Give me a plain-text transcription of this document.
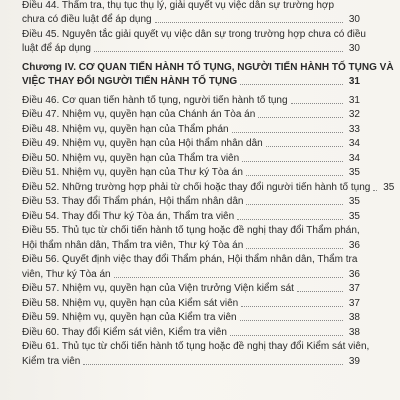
Điều 44. Thẩm tra, thụ tục thụ lý, giải quyết vụ việc dân sự trường hợp
chưa có điều luật để áp dụng	30
Điều 45. Nguyên tắc giải quyết vụ việc dân sự trong trường hợp chưa có điều
luật để áp dụng	30
Chương IV. CƠ QUAN TIẾN HÀNH TỐ TỤNG, NGƯỜI TIẾN HÀNH TỐ TỤNG VÀ
VIỆC THAY ĐỔI NGƯỜI TIẾN HÀNH TỐ TỤNG	31
Điều 46. Cơ quan tiến hành tố tụng, người tiến hành tố tụng	31
Điều 47. Nhiệm vụ, quyền hạn của Chánh án Tòa án	32
Điều 48. Nhiệm vụ, quyền hạn của Thẩm phán	33
Điều 49. Nhiệm vụ, quyền hạn của Hội thẩm nhân dân	34
Điều 50. Nhiệm vụ, quyền hạn của Thẩm tra viên	34
Điều 51. Nhiệm vụ, quyền hạn của Thư ký Tòa án	35
Điều 52. Những trường hợp phải từ chối hoặc thay đổi người tiến hành tố tụng 35
Điều 53. Thay đổi Thẩm phán, Hội thẩm nhân dân	35
Điều 54. Thay đổi Thư ký Tòa án, Thẩm tra viên	35
Điều 55. Thủ tục từ chối tiến hành tố tụng hoặc đề nghị thay đổi Thẩm phán,
Hội thẩm nhân dân, Thẩm tra viên, Thư ký Tòa án	36
Điều 56. Quyết định việc thay đổi Thẩm phán, Hội thẩm nhân dân, Thẩm tra
viên, Thư ký Tòa án	36
Điều 57. Nhiệm vụ, quyền hạn của Viện trưởng Viện kiểm sát	37
Điều 58. Nhiệm vụ, quyền hạn của Kiểm sát viên	37
Điều 59. Nhiệm vụ, quyền hạn của Kiểm tra viên	38
Điều 60. Thay đổi Kiểm sát viên, Kiểm tra viên	38
Điều 61. Thủ tục từ chối tiến hành tố tụng hoặc đề nghị thay đổi Kiểm sát viên,
Kiểm tra viên	39
